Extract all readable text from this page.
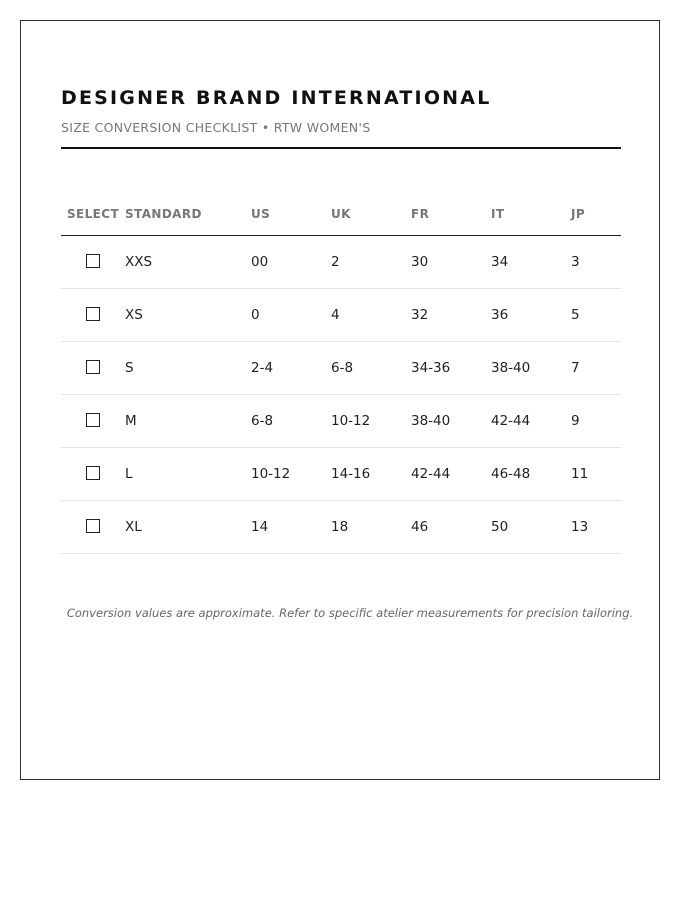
DESIGNER BRAND INTERNATIONAL
SIZE CONVERSION CHECKLIST • RTW WOMEN'S
SELECT	STANDARD	US	UK	FR	IT	JP
	XXS	00	2	30	34	3
	XS	0	4	32	36	5
	S	2-4	6-8	34-36	38-40	7
	M	6-8	10-12	38-40	42-44	9
	L	10-12	14-16	42-44	46-48	11
	XL	14	18	46	50	13
Conversion values are approximate. Refer to specific atelier measurements for precision tailoring.
